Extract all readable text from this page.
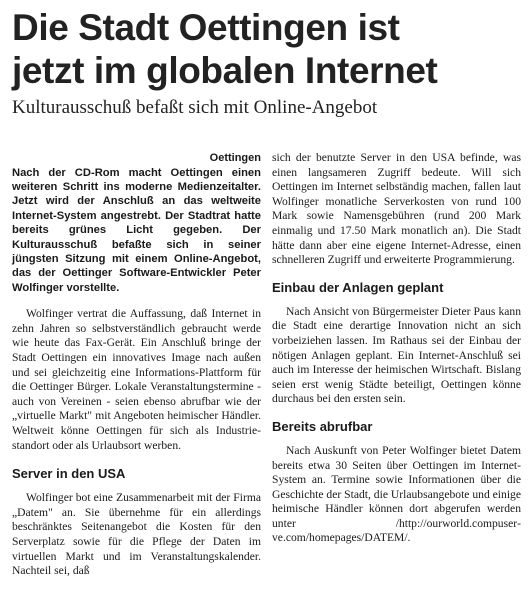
Die Stadt Oettingen ist
jetzt im globalen Internet
Kulturausschuß befaßt sich mit Online-Angebot

Oettingen

Nach der CD-Rom macht Oettingen einen weiteren Schritt ins moderne Medienzeitalter. Jetzt wird der Anschluß an das weltweite Internet-System angestrebt. Der Stadtrat hatte bereits grünes Licht gegeben. Der Kulturausschuß befaßte sich in seiner jüngsten Sitzung mit einem Online-Angebot, das der Oettinger Software-Entwickler Peter Wolfinger vorstellte.

Wolfinger vertrat die Auffassung, daß Internet in zehn Jahren so selbstverständlich gebraucht werde wie heute das Fax-Gerät. Ein Anschluß bringe der Stadt Oettingen ein innovatives Image nach außen und sei gleichzeitig eine Informations-Plattform für die Oettinger Bürger. Lokale Veranstaltungstermine - auch von Vereinen - seien ebenso abrufbar wie der „virtuelle Markt" mit Angeboten heimischer Händler. Weltweit könne Oettingen für sich als Industriestandort oder als Urlaubsort werben.

Server in den USA

Wolfinger bot eine Zusammenarbeit mit der Firma „Datem" an. Sie übernehme für ein allerdings beschränktes Seitenangebot die Kosten für den Serverplatz sowie für die Pflege der Daten im virtuellen Markt und im Veranstaltungskalender. Nachteil sei, daß

sich der benutzte Server in den USA befinde, was einen langsameren Zugriff bedeute. Will sich Oettingen im Internet selbständig machen, fallen laut Wolfinger monatliche Serverkosten von rund 100 Mark sowie Namensgebühren (rund 200 Mark einmalig und 17.50 Mark monatlich an). Die Stadt hätte dann aber eine eigene Internet-Adresse, einen schnelleren Zugriff und erweiterte Programmierung.

Einbau der Anlagen geplant

Nach Ansicht von Bürgermeister Dieter Paus kann die Stadt eine derartige Innovation nicht an sich vorbeiziehen lassen. Im Rathaus sei der Einbau der nötigen Anlagen geplant. Ein Internet-Anschluß sei auch im Interesse der heimischen Wirtschaft. Bislang seien erst wenig Städte beteiligt, Oettingen könne durchaus bei den ersten sein.

Bereits abrufbar

Nach Auskunft von Peter Wolfinger bietet Datem bereits etwa 30 Seiten über Oettingen im Internet-System an. Termine sowie Informationen über die Geschichte der Stadt, die Urlaubsangebote und einige heimische Händler können dort abgerufen werden unter /http://ourworld.compuserve.com/homepages/DATEM/.
